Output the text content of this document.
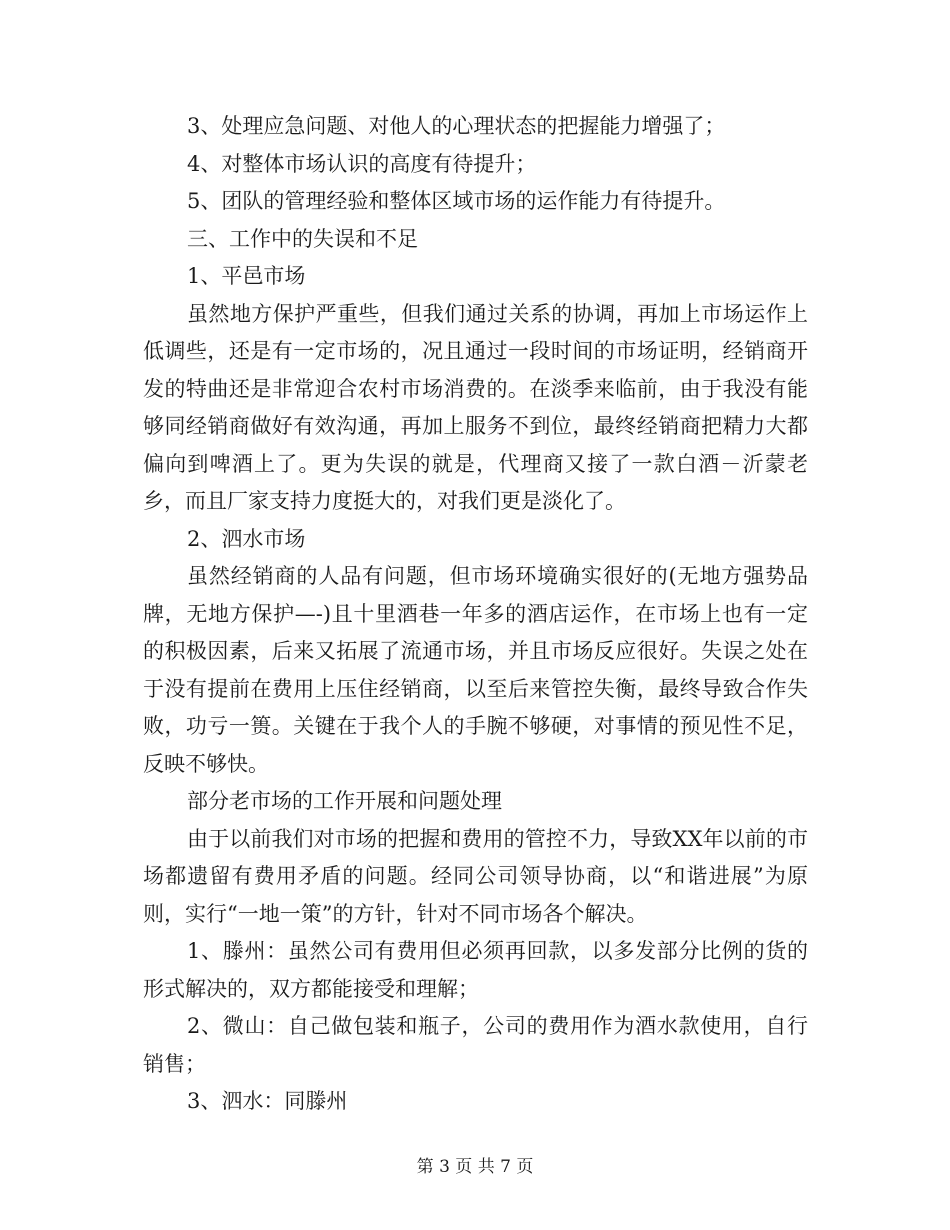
3、处理应急问题、对他人的心理状态的把握能力增强了；

4、对整体市场认识的高度有待提升；

5、团队的管理经验和整体区域市场的运作能力有待提升。

三、工作中的失误和不足

1、平邑市场

虽然地方保护严重些，但我们通过关系的协调，再加上市场运作上低调些，还是有一定市场的，况且通过一段时间的市场证明，经销商开发的特曲还是非常迎合农村市场消费的。在淡季来临前，由于我没有能够同经销商做好有效沟通，再加上服务不到位，最终经销商把精力大都偏向到啤酒上了。更为失误的就是，代理商又接了一款白酒－沂蒙老乡，而且厂家支持力度挺大的，对我们更是淡化了。

2、泗水市场

虽然经销商的人品有问题，但市场环境确实很好的(无地方强势品牌，无地方保护—-)且十里酒巷一年多的酒店运作，在市场上也有一定的积极因素，后来又拓展了流通市场，并且市场反应很好。失误之处在于没有提前在费用上压住经销商，以至后来管控失衡，最终导致合作失败，功亏一篑。关键在于我个人的手腕不够硬，对事情的预见性不足，反映不够快。

部分老市场的工作开展和问题处理

由于以前我们对市场的把握和费用的管控不力，导致XX年以前的市场都遗留有费用矛盾的问题。经同公司领导协商，以“和谐进展”为原则，实行“一地一策”的方针，针对不同市场各个解决。

1、滕州：虽然公司有费用但必须再回款，以多发部分比例的货的形式解决的，双方都能接受和理解；

2、微山：自己做包装和瓶子，公司的费用作为酒水款使用，自行销售；

3、泗水：同滕州

第 3 页 共 7 页
